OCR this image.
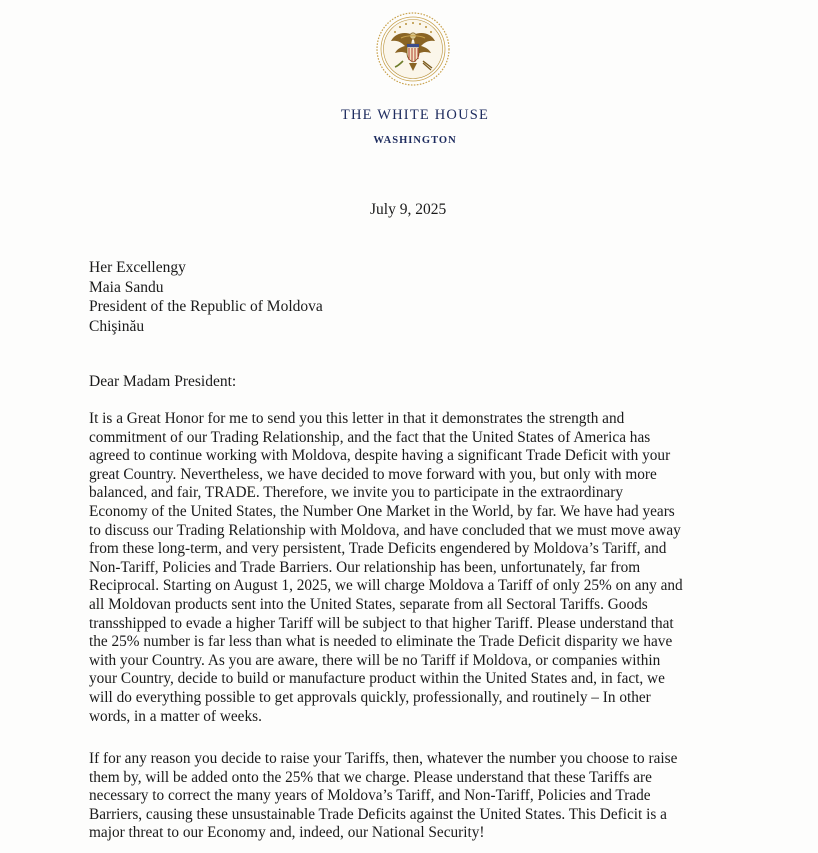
THE WHITE HOUSE
WASHINGTON
July 9, 2025
Her Excellengy
Maia Sandu
President of the Republic of Moldova
Chişinău
Dear Madam President:
It is a Great Honor for me to send you this letter in that it demonstrates the strength and
commitment of our Trading Relationship, and the fact that the United States of America has
agreed to continue working with Moldova, despite having a significant Trade Deficit with your
great Country. Nevertheless, we have decided to move forward with you, but only with more
balanced, and fair, TRADE. Therefore, we invite you to participate in the extraordinary
Economy of the United States, the Number One Market in the World, by far. We have had years
to discuss our Trading Relationship with Moldova, and have concluded that we must move away
from these long-term, and very persistent, Trade Deficits engendered by Moldova’s Tariff, and
Non-Tariff, Policies and Trade Barriers. Our relationship has been, unfortunately, far from
Reciprocal. Starting on August 1, 2025, we will charge Moldova a Tariff of only 25% on any and
all Moldovan products sent into the United States, separate from all Sectoral Tariffs. Goods
transshipped to evade a higher Tariff will be subject to that higher Tariff. Please understand that
the 25% number is far less than what is needed to eliminate the Trade Deficit disparity we have
with your Country. As you are aware, there will be no Tariff if Moldova, or companies within
your Country, decide to build or manufacture product within the United States and, in fact, we
will do everything possible to get approvals quickly, professionally, and routinely – In other
words, in a matter of weeks.
If for any reason you decide to raise your Tariffs, then, whatever the number you choose to raise
them by, will be added onto the 25% that we charge. Please understand that these Tariffs are
necessary to correct the many years of Moldova’s Tariff, and Non-Tariff, Policies and Trade
Barriers, causing these unsustainable Trade Deficits against the United States. This Deficit is a
major threat to our Economy and, indeed, our National Security!
